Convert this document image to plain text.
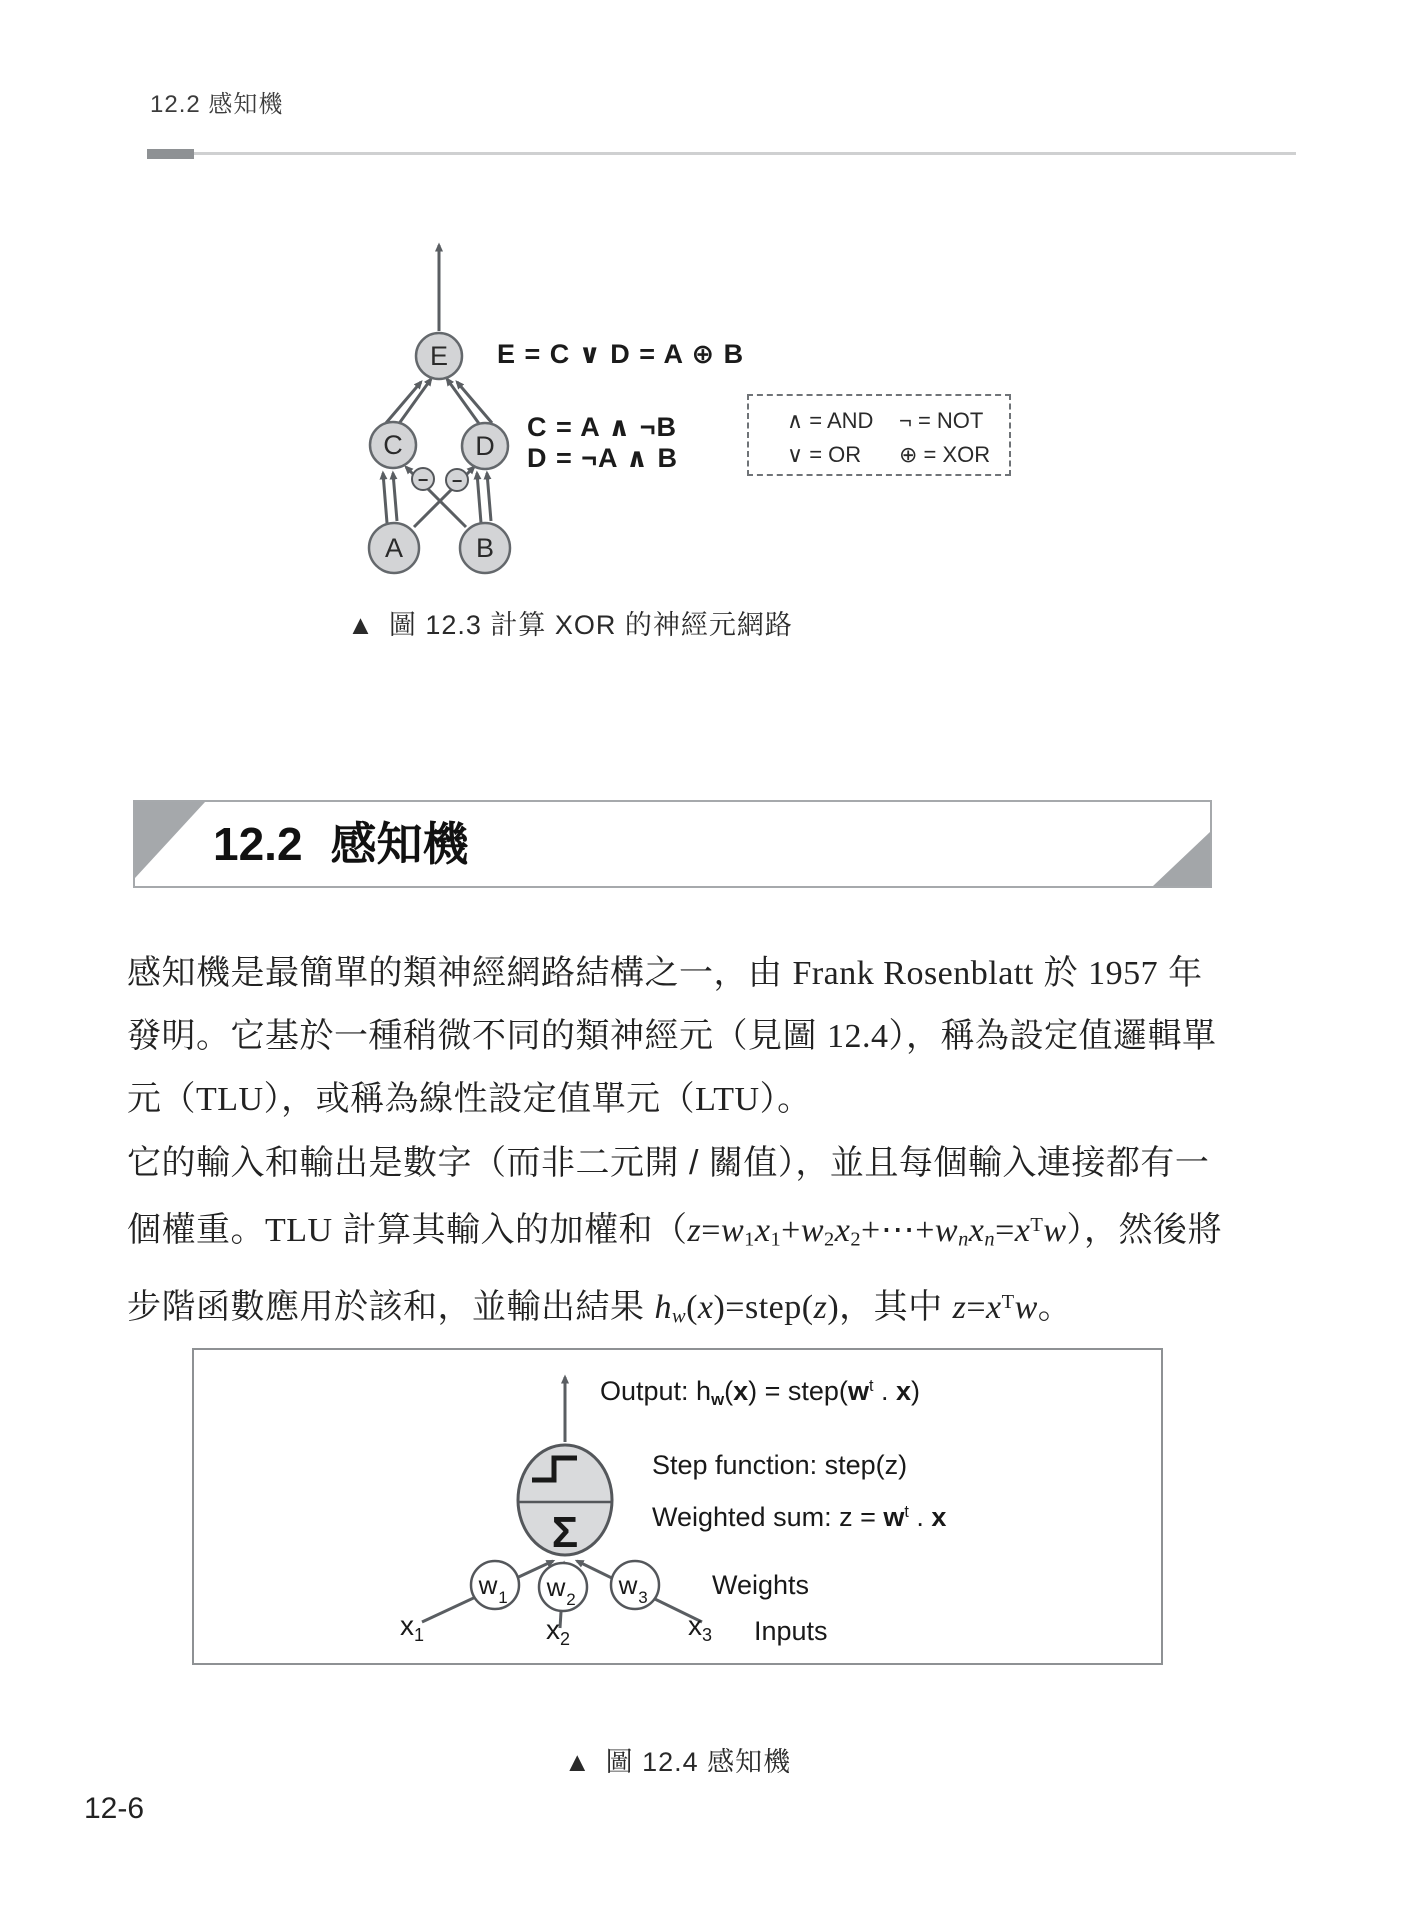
12.2 感知機
− −
E
C	D
A	B
E = C ∨ D = A ⊕ B
C = A ∧ ¬B
D = ¬A ∧ B
∧ = AND	¬ = NOT
∨ = OR	⊕ = XOR
▲ 圖 12.3 計算 XOR 的神經元網路
12.2 感知機
感知機是最簡單的類神經網路結構之一，由 Frank Rosenblatt 於 1957 年
發明。它基於一種稍微不同的類神經元（見圖 12.4），稱為設定值邏輯單
元（TLU），或稱為線性設定值單元（LTU）。
它的輸入和輸出是數字（而非二元開 / 關值），並且每個輸入連接都有一
個權重。TLU 計算其輸入的加權和$(z=w1x1+w2x2+\cdots+wnxn=x^Tw)$，然後將
步階函數應用於該和，並輸出結果 hw(x)=step(z)，其中 $z=x^Tw$。
Σ
w 1 w 2 w 3
Output: $hw(x) = step(w^t$ . x)
Step function: step(z)
Weighted sum: $z = w^t$ . x
Weights
Inputs
$x_1$	$x_2$	$x_3$
▲ 圖 12.4 感知機
12-6
